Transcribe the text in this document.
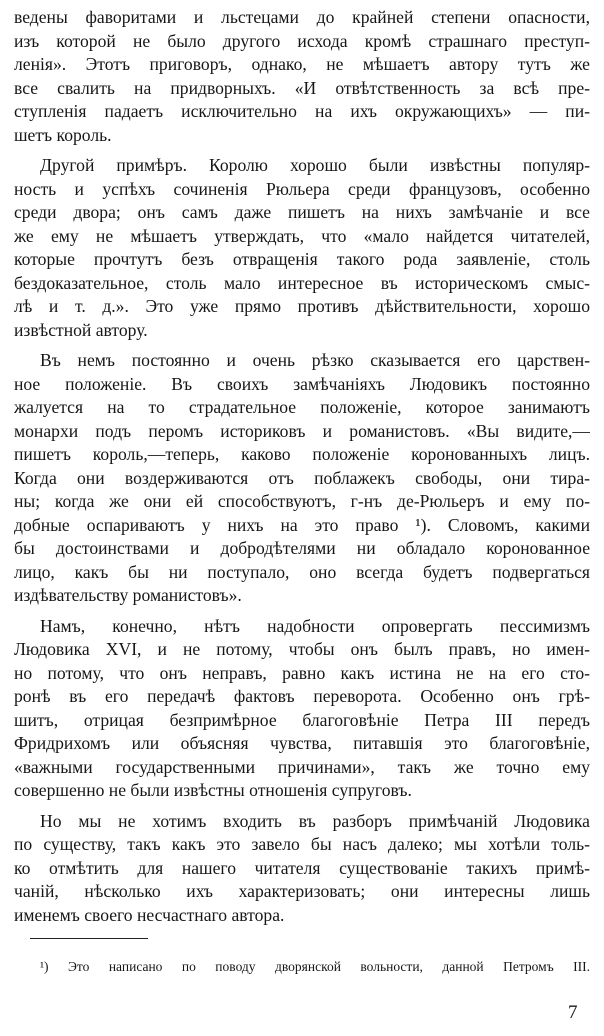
ведены фаворитами и льстецами до крайней степени опасности,
изъ которой не было другого исхода кромѣ страшнаго преступ-
ленія». Этотъ приговоръ, однако, не мѣшаетъ автору тутъ же
все свалить на придворныхъ. «И отвѣтственность за всѣ пре-
ступленія падаетъ исключительно на ихъ окружающихъ» — пи-
шетъ король.
Другой примѣръ. Королю хорошо были извѣстны популяр-
ность и успѣхъ сочиненія Рюльера среди французовъ, особенно
среди двора; онъ самъ даже пишетъ на нихъ замѣчаніе и все
же ему не мѣшаетъ утверждать, что «мало найдется читателей,
которые прочтутъ безъ отвращенія такого рода заявленіе, столь
бездоказательное, столь мало интересное въ историческомъ смыс-
лѣ и т. д.». Это уже прямо противъ дѣйствительности, хорошо
извѣстной автору.
Въ немъ постоянно и очень рѣзко сказывается его царствен-
ное положеніе. Въ своихъ замѣчаніяхъ Людовикъ постоянно
жалуется на то страдательное положеніе, которое занимаютъ
монархи подъ перомъ историковъ и романистовъ. «Вы видите,—
пишетъ король,—теперь, каково положеніе коронованныхъ лицъ.
Когда они воздерживаются отъ поблажекъ свободы, они тира-
ны; когда же они ей способствуютъ, г-нъ де-Рюльеръ и ему по-
добные оспариваютъ у нихъ на это право ¹). Словомъ, какими
бы достоинствами и добродѣтелями ни обладало коронованное
лицо, какъ бы ни поступало, оно всегда будетъ подвергаться
издѣвательству романистовъ».
Намъ, конечно, нѣтъ надобности опровергать пессимизмъ
Людовика XVI, и не потому, чтобы онъ былъ правъ, но имен-
но потому, что онъ неправъ, равно какъ истина не на его сто-
ронѣ въ его передачѣ фактовъ переворота. Особенно онъ грѣ-
шитъ, отрицая безпримѣрное благоговѣніе Петра III передъ
Фридрихомъ или объясняя чувства, питавшія это благоговѣніе,
«важными государственными причинами», такъ же точно ему
совершенно не были извѣстны отношенія супруговъ.
Но мы не хотимъ входить въ разборъ примѣчаній Людовика
по существу, такъ какъ это завело бы насъ далеко; мы хотѣли толь-
ко отмѣтить для нашего читателя существованіе такихъ примѣ-
чаній, нѣсколько ихъ характеризовать; они интересны лишь
именемъ своего несчастнаго автора.
¹) Это написано по поводу дворянской вольности, данной Петромъ III.
7
